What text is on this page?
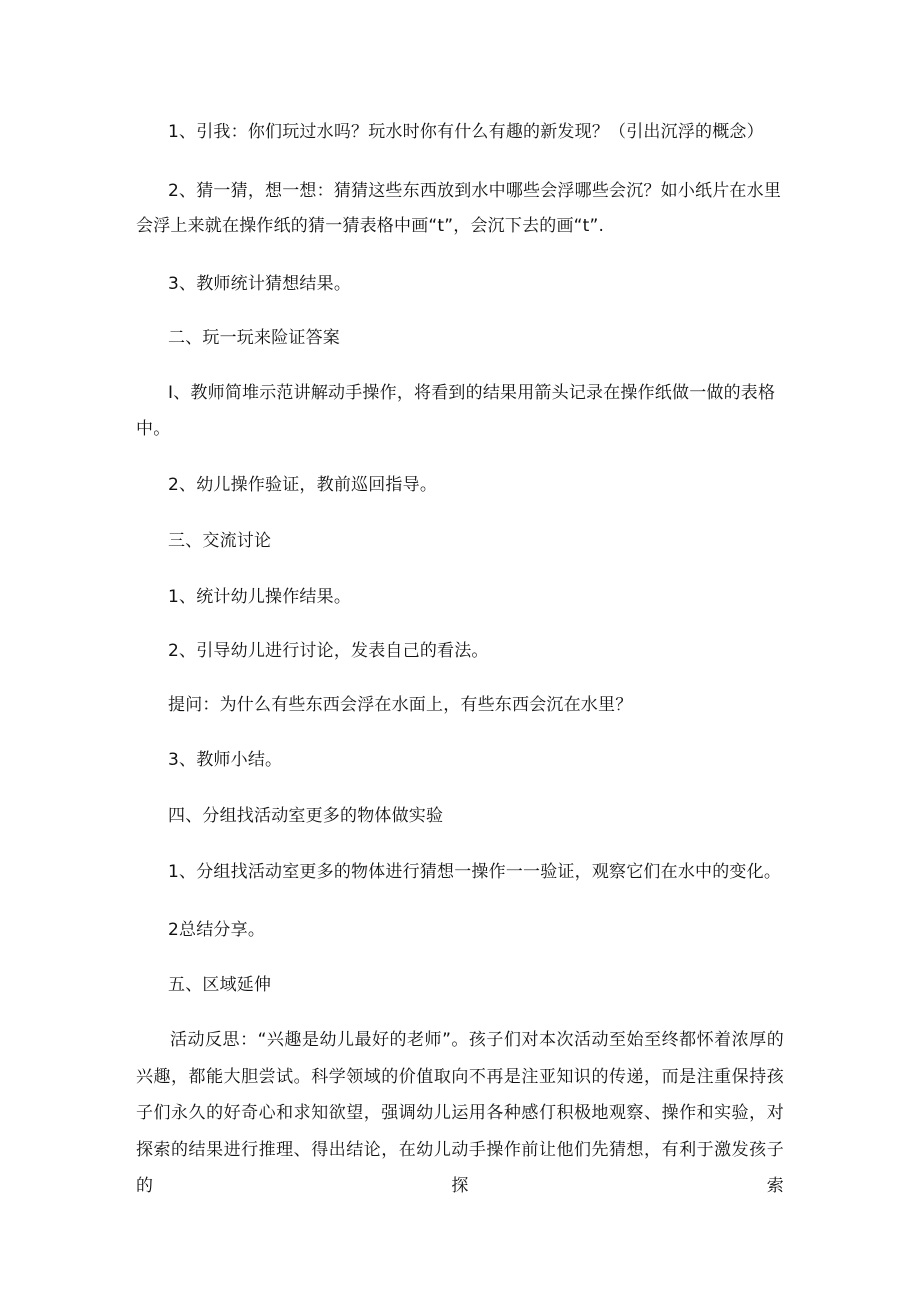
1、引我：你们玩过水吗？玩水时你有什么有趣的新发现？（引出沉浮的概念）
2、猜一猜，想一想：猜猜这些东西放到水中哪些会浮哪些会沉？如小纸片在水里
会浮上来就在操作纸的猜一猜表格中画“t”，会沉下去的画“t”.
3、教师统计猜想结果。
二、玩一玩来险证答案
I、教师简堆示范讲解动手操作，将看到的结果用箭头记录在操作纸做一做的表格
中。
2、幼儿操作验证，教前巡回指导。
三、交流讨论
1、统计幼儿操作结果。
2、引导幼儿进行讨论，发表自己的看法。
提问：为什么有些东西会浮在水面上，有些东西会沉在水里？
3、教师小结。
四、分组找活动室更多的物体做实验
1、分组找活动室更多的物体进行猜想一操作一一验证，观察它们在水中的变化。
2总结分享。
五、区域延伸
活动反思：“兴趣是幼儿最好的老师”。孩子们对本次活动至始至终都怀着浓厚的兴趣，都能大胆尝试。科学领域的价值取向不再是注亚知识的传递，而是注重保持孩子们永久的好奇心和求知欲望，强调幼儿运用各种感仃积极地观察、操作和实验，对探索的结果进行推理、得出结论，在幼儿动手操作前让他们先猜想，有利于激发孩子的探索
